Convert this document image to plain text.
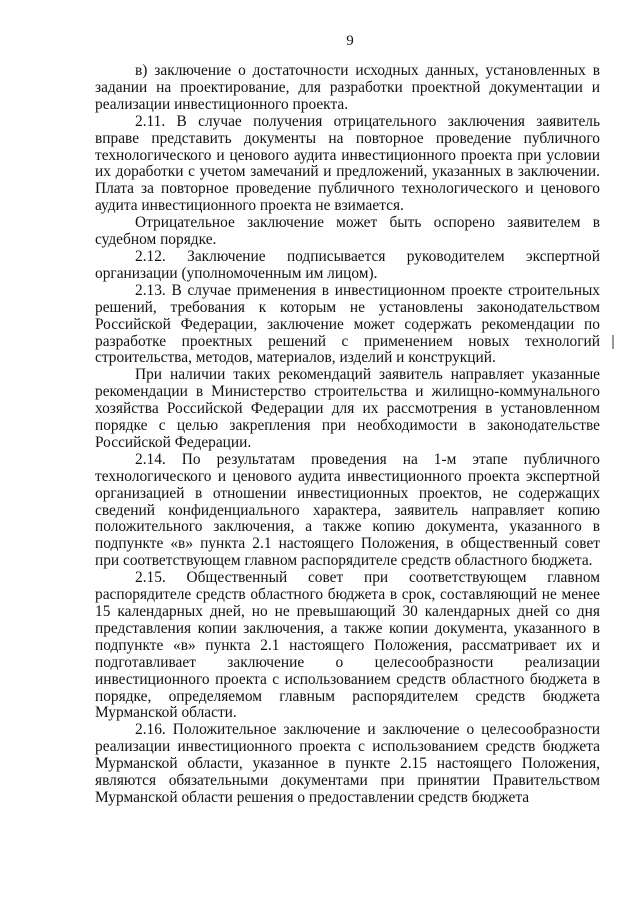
9

в) заключение о достаточности исходных данных, установленных в задании на проектирование, для разработки проектной документации и реализации инвестиционного проекта.

2.11. В случае получения отрицательного заключения заявитель вправе представить документы на повторное проведение публичного технологического и ценового аудита инвестиционного проекта при условии их доработки с учетом замечаний и предложений, указанных в заключении. Плата за повторное проведение публичного технологического и ценового аудита инвестиционного проекта не взимается.

Отрицательное заключение может быть оспорено заявителем в судебном порядке.

2.12. Заключение подписывается руководителем экспертной организации (уполномоченным им лицом).

2.13. В случае применения в инвестиционном проекте строительных решений, требования к которым не установлены законодательством Российской Федерации, заключение может содержать рекомендации по разработке проектных решений с применением новых технологий строительства, методов, материалов, изделий и конструкций.

При наличии таких рекомендаций заявитель направляет указанные рекомендации в Министерство строительства и жилищно-коммунального хозяйства Российской Федерации для их рассмотрения в установленном порядке с целью закрепления при необходимости в законодательстве Российской Федерации.

2.14. По результатам проведения на 1-м этапе публичного технологического и ценового аудита инвестиционного проекта экспертной организацией в отношении инвестиционных проектов, не содержащих сведений конфиденциального характера, заявитель направляет копию положительного заключения, а также копию документа, указанного в подпункте «в» пункта 2.1 настоящего Положения, в общественный совет при соответствующем главном распорядителе средств областного бюджета.

2.15. Общественный совет при соответствующем главном распорядителе средств областного бюджета в срок, составляющий не менее 15 календарных дней, но не превышающий 30 календарных дней со дня представления копии заключения, а также копии документа, указанного в подпункте «в» пункта 2.1 настоящего Положения, рассматривает их и подготавливает заключение о целесообразности реализации инвестиционного проекта с использованием средств областного бюджета в порядке, определяемом главным распорядителем средств бюджета Мурманской области.

2.16. Положительное заключение и заключение о целесообразности реализации инвестиционного проекта с использованием средств бюджета Мурманской области, указанное в пункте 2.15 настоящего Положения, являются обязательными документами при принятии Правительством Мурманской области решения о предоставлении средств бюджета
